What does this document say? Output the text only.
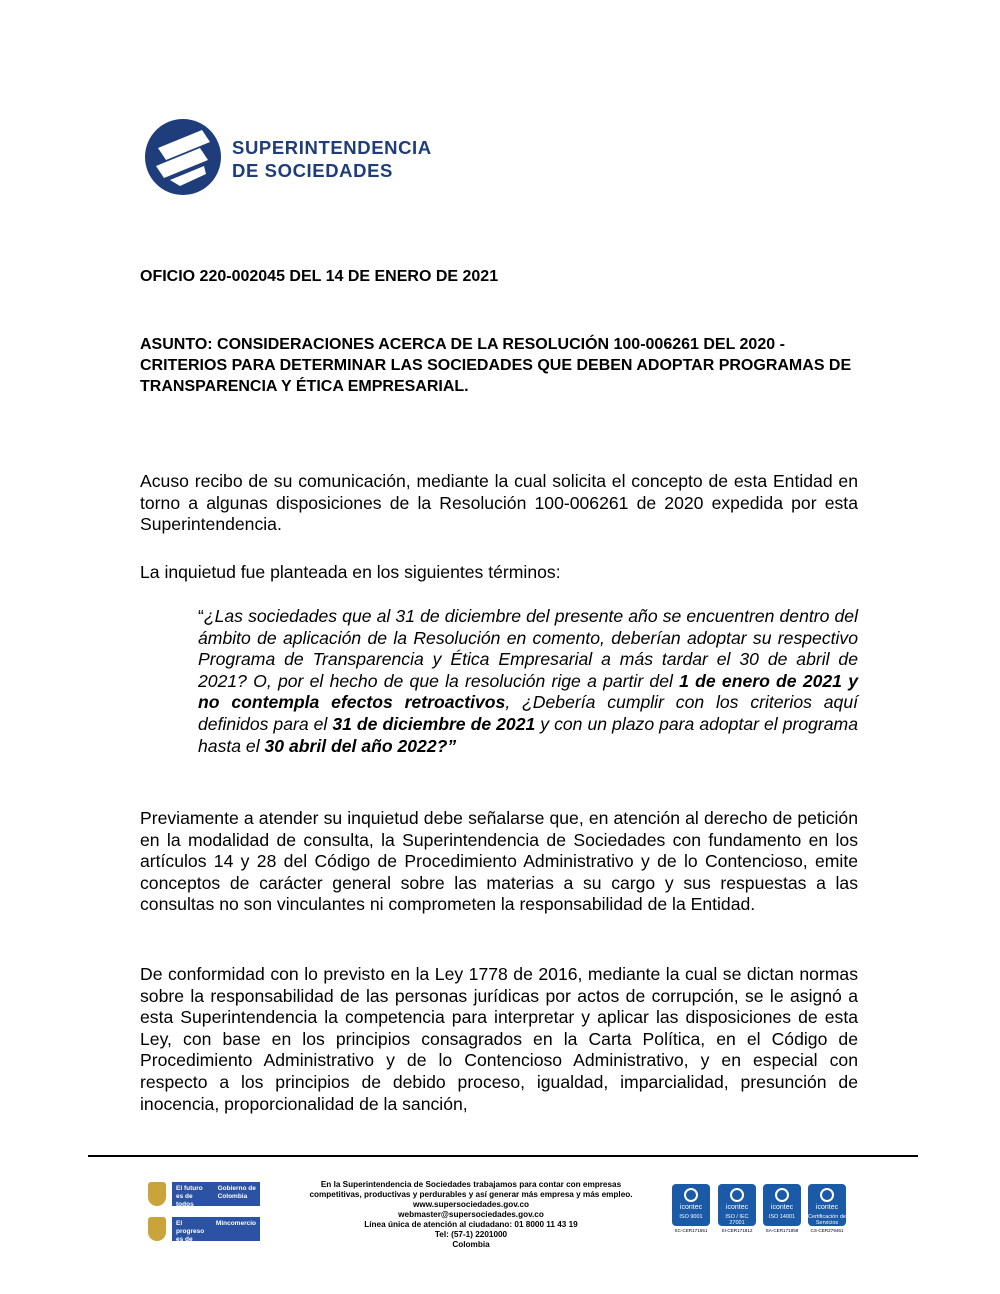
SUPERINTENDENCIA
DE SOCIEDADES
OFICIO 220-002045 DEL 14 DE ENERO DE 2021
ASUNTO: CONSIDERACIONES ACERCA DE LA RESOLUCIÓN 100-006261 DEL 2020 - CRITERIOS PARA DETERMINAR LAS SOCIEDADES QUE DEBEN ADOPTAR PROGRAMAS DE TRANSPARENCIA Y ÉTICA EMPRESARIAL.
Acuso recibo de su comunicación, mediante la cual solicita el concepto de esta Entidad en torno a algunas disposiciones de la Resolución 100-006261 de 2020 expedida por esta Superintendencia.
La inquietud fue planteada en los siguientes términos:
“¿Las sociedades que al 31 de diciembre del presente año se encuentren dentro del ámbito de aplicación de la Resolución en comento, deberían adoptar su respectivo Programa de Transparencia y Ética Empresarial a más tardar el 30 de abril de 2021? O, por el hecho de que la resolución rige a partir del 1 de enero de 2021 y no contempla efectos retroactivos, ¿Debería cumplir con los criterios aquí definidos para el 31 de diciembre de 2021 y con un plazo para adoptar el programa hasta el 30 abril del año 2022?”
Previamente a atender su inquietud debe señalarse que, en atención al derecho de petición en la modalidad de consulta, la Superintendencia de Sociedades con fundamento en los artículos 14 y 28 del Código de Procedimiento Administrativo y de lo Contencioso, emite conceptos de carácter general sobre las materias a su cargo y sus respuestas a las consultas no son vinculantes ni comprometen la responsabilidad de la Entidad.
De conformidad con lo previsto en la Ley 1778 de 2016, mediante la cual se dictan normas sobre la responsabilidad de las personas jurídicas por actos de corrupción, se le asignó a esta Superintendencia la competencia para interpretar y aplicar las disposiciones de esta Ley, con base en los principios consagrados en la Carta Política, en el Código de Procedimiento Administrativo y de lo Contencioso Administrativo, y en especial con respecto a los principios de debido proceso, igualdad, imparcialidad, presunción de inocencia, proporcionalidad de la sanción,
El futuro es de todos
Gobierno de Colombia
El progreso es de todos
Mincomercio
En la Superintendencia de Sociedades trabajamos para contar con empresas
competitivas, productivas y perdurables y así generar más empresa y más empleo.
www.supersociedades.gov.co
webmaster@supersociedades.gov.co
Línea única de atención al ciudadano: 01 8000 11 43 19
Tel: (57-1) 2201000
Colombia
icontec
ISO 9001
SC-CER171651
icontec
ISO / IEC 27001
SI-CER171812
icontec
ISO 14001
SA-CER171858
icontec
Certificación de Servicios
CS-CER279461
